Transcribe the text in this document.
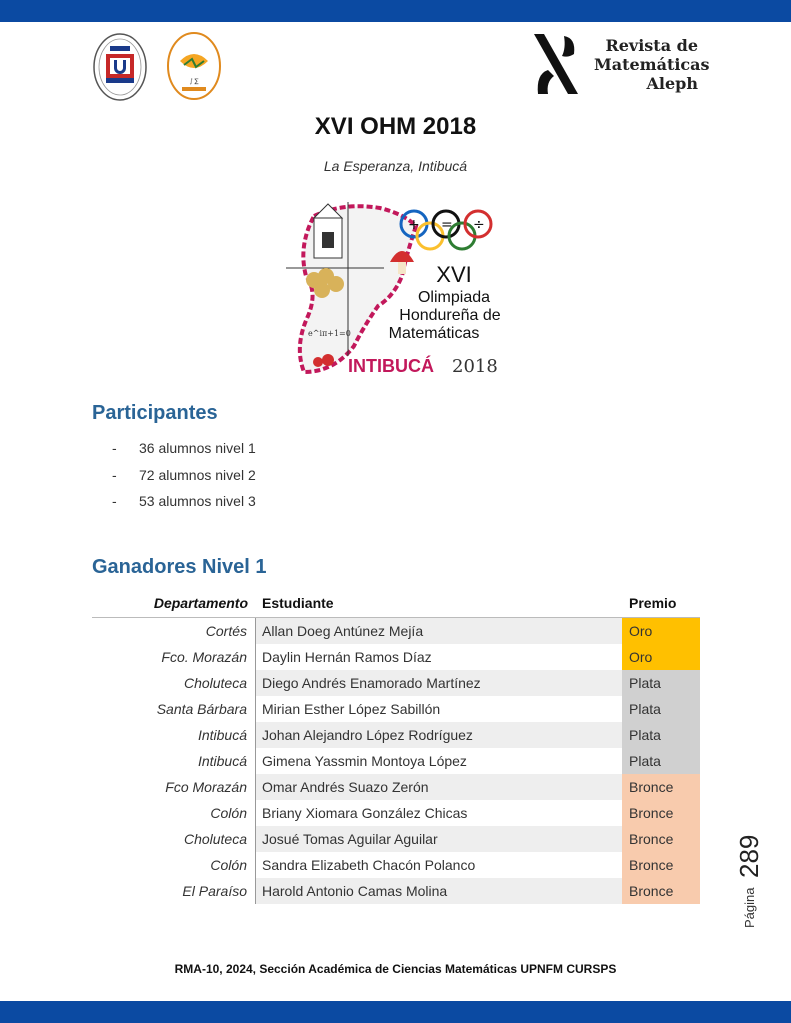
∫ ∑
Revista de
Matemáticas
Aleph
XVI OHM 2018
La Esperanza, Intibucá
+ = ÷
XVI
Olimpiada
Hondureña de
Matemáticas
e^iπ+1=0
INTIBUCÁ 2018
Participantes
- 36 alumnos nivel 1
- 72 alumnos nivel 2
- 53 alumnos nivel 3
Ganadores Nivel 1
Departamento	Estudiante	Premio
Cortés	Allan Doeg Antúnez Mejía	Oro
Fco. Morazán	Daylin Hernán Ramos Díaz	Oro
Choluteca	Diego Andrés Enamorado Martínez	Plata
Santa Bárbara	Mirian Esther López Sabillón	Plata
Intibucá	Johan Alejandro López Rodríguez	Plata
Intibucá	Gimena Yassmin Montoya López	Plata
Fco Morazán	Omar Andrés Suazo Zerón	Bronce
Colón	Briany Xiomara González Chicas	Bronce
Choluteca	Josué Tomas Aguilar Aguilar	Bronce
Colón	Sandra Elizabeth Chacón Polanco	Bronce
El Paraíso	Harold Antonio Camas Molina	Bronce	Página
289
RMA-10, 2024, Sección Académica de Ciencias Matemáticas UPNFM CURSPS
